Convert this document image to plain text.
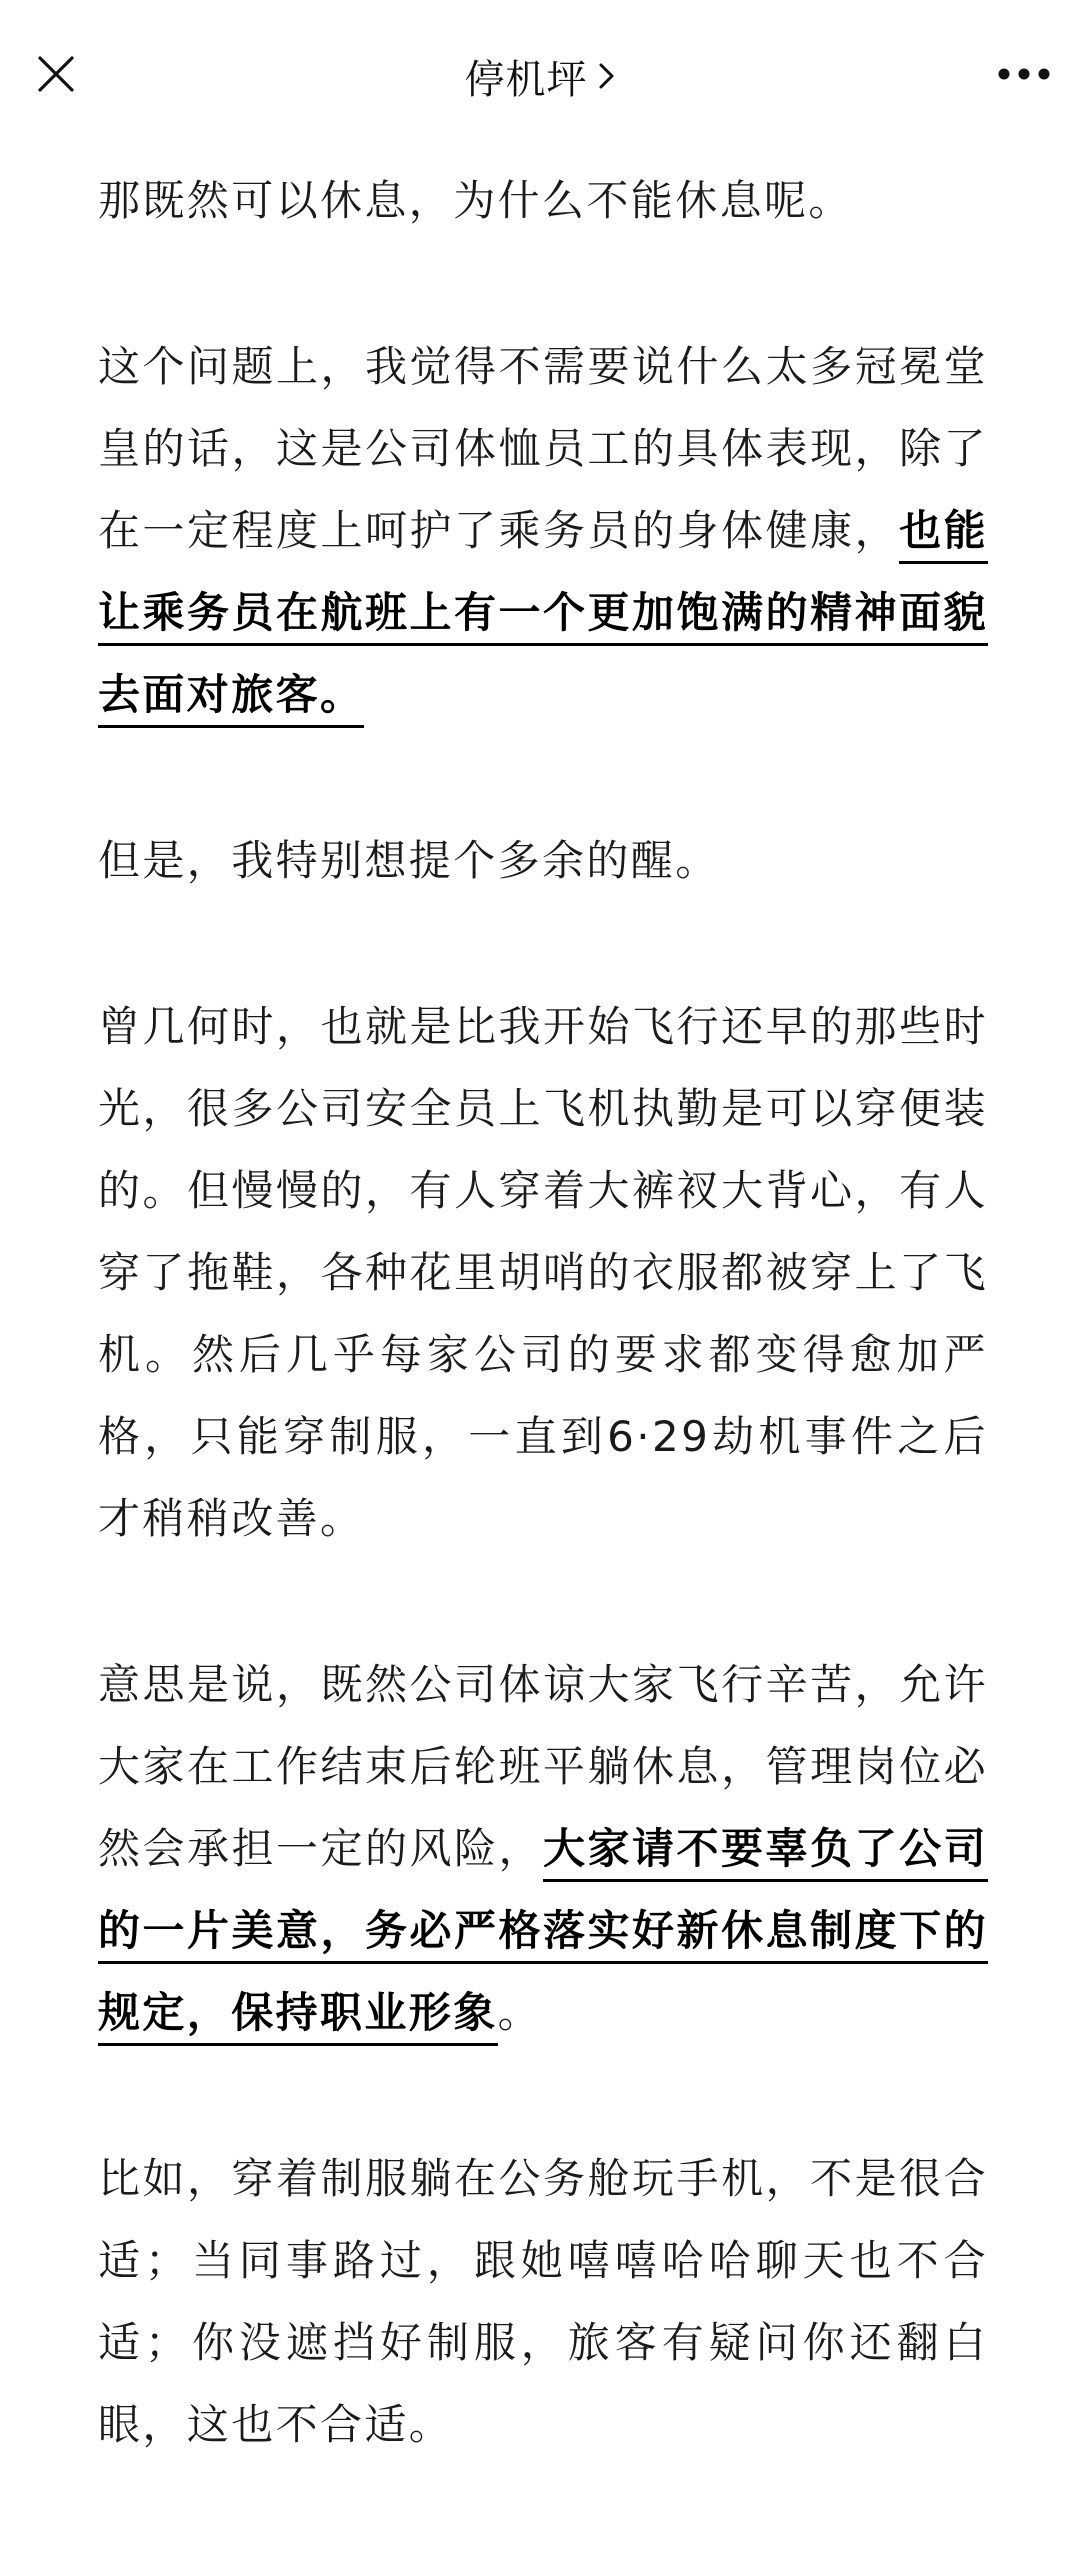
停机坪

那既然可以休息，为什么不能休息呢。

这个问题上，我觉得不需要说什么太多冠冕堂皇的话，这是公司体恤员工的具体表现，除了在一定程度上呵护了乘务员的身体健康，也能让乘务员在航班上有一个更加饱满的精神面貌去面对旅客。

但是，我特别想提个多余的醒。

曾几何时，也就是比我开始飞行还早的那些时光，很多公司安全员上飞机执勤是可以穿便装的。但慢慢的，有人穿着大裤衩大背心，有人穿了拖鞋，各种花里胡哨的衣服都被穿上了飞机。然后几乎每家公司的要求都变得愈加严格，只能穿制服，一直到6·29劫机事件之后才稍稍改善。

意思是说，既然公司体谅大家飞行辛苦，允许大家在工作结束后轮班平躺休息，管理岗位必然会承担一定的风险，大家请不要辜负了公司的一片美意，务必严格落实好新休息制度下的规定，保持职业形象。

比如，穿着制服躺在公务舱玩手机，不是很合适；当同事路过，跟她嘻嘻哈哈聊天也不合适；你没遮挡好制服，旅客有疑问你还翻白眼，这也不合适。
